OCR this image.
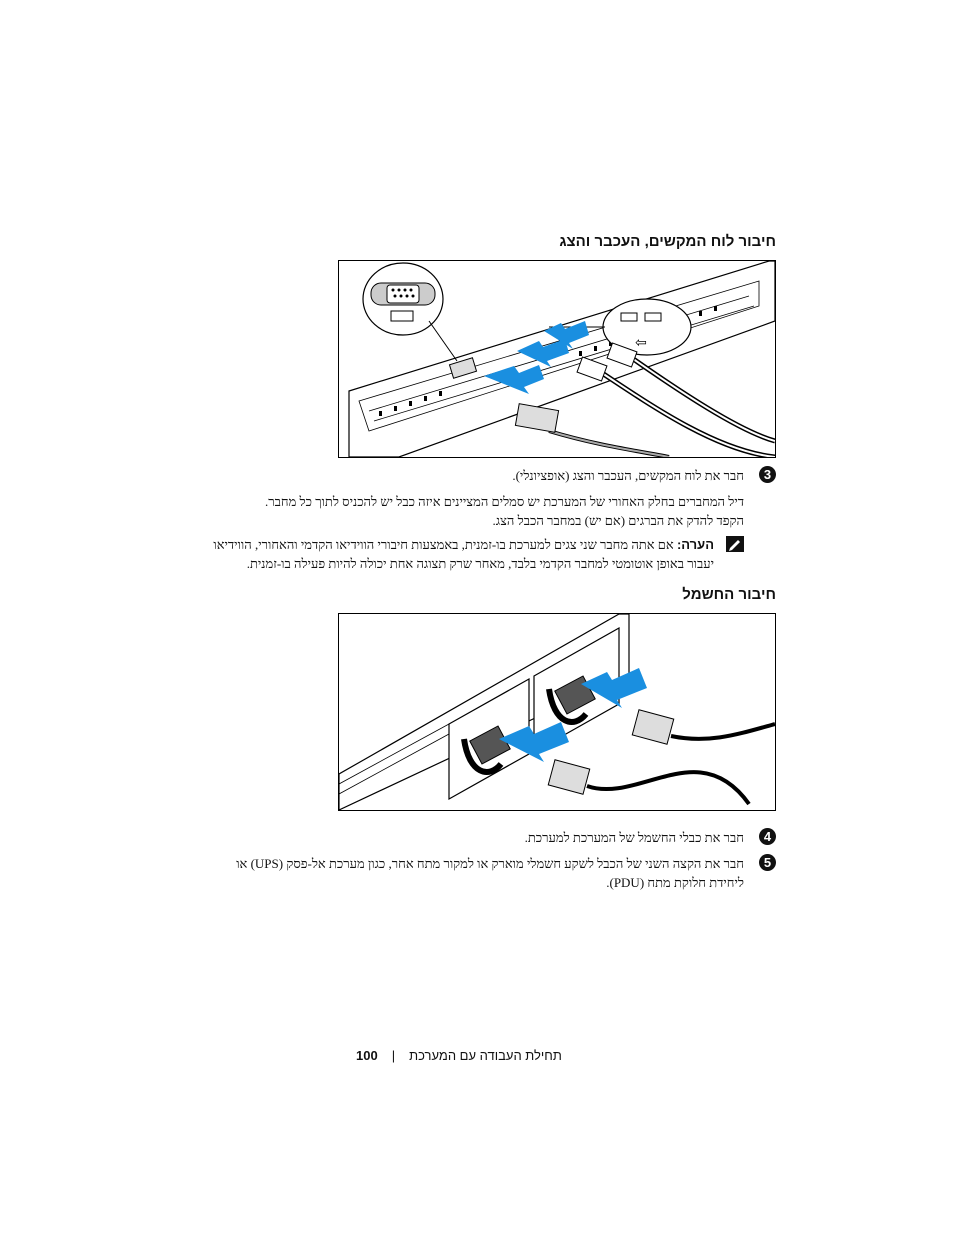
חיבור לוח המקשים, העכבר והצג
⇦
3
חבר את לוח המקשים, העכבר והצג (אופציונלי).
דיל המחברים בחלק האחורי של המערכת יש סמלים המציינים איזה כבל יש להכניס לתוך כל מחבר.
הקפד להדק את הברגים (אם יש) במחבר הכבל הצג.
הערה: אם אתה מחבר שני צגים למערכת בו-זמנית, באמצעות חיבורי הווידיאו הקדמי והאחורי, הווידיאו
יעבור באופן אוטומטי למחבר הקדמי בלבד, מאחר שרק תצוגה אחת יכולה להיות פעילה בו-זמנית.
חיבור החשמל
4
חבר את כבלי החשמל של המערכת למערכת.
5
חבר את הקצה השני של הכבל לשקע חשמלי מוארק או למקור מתח אחר, כגון מערכת אל-פסק (UPS) או
ליחידת חלוקת מתח (PDU).
100 | תחילת העבודה עם המערכת
